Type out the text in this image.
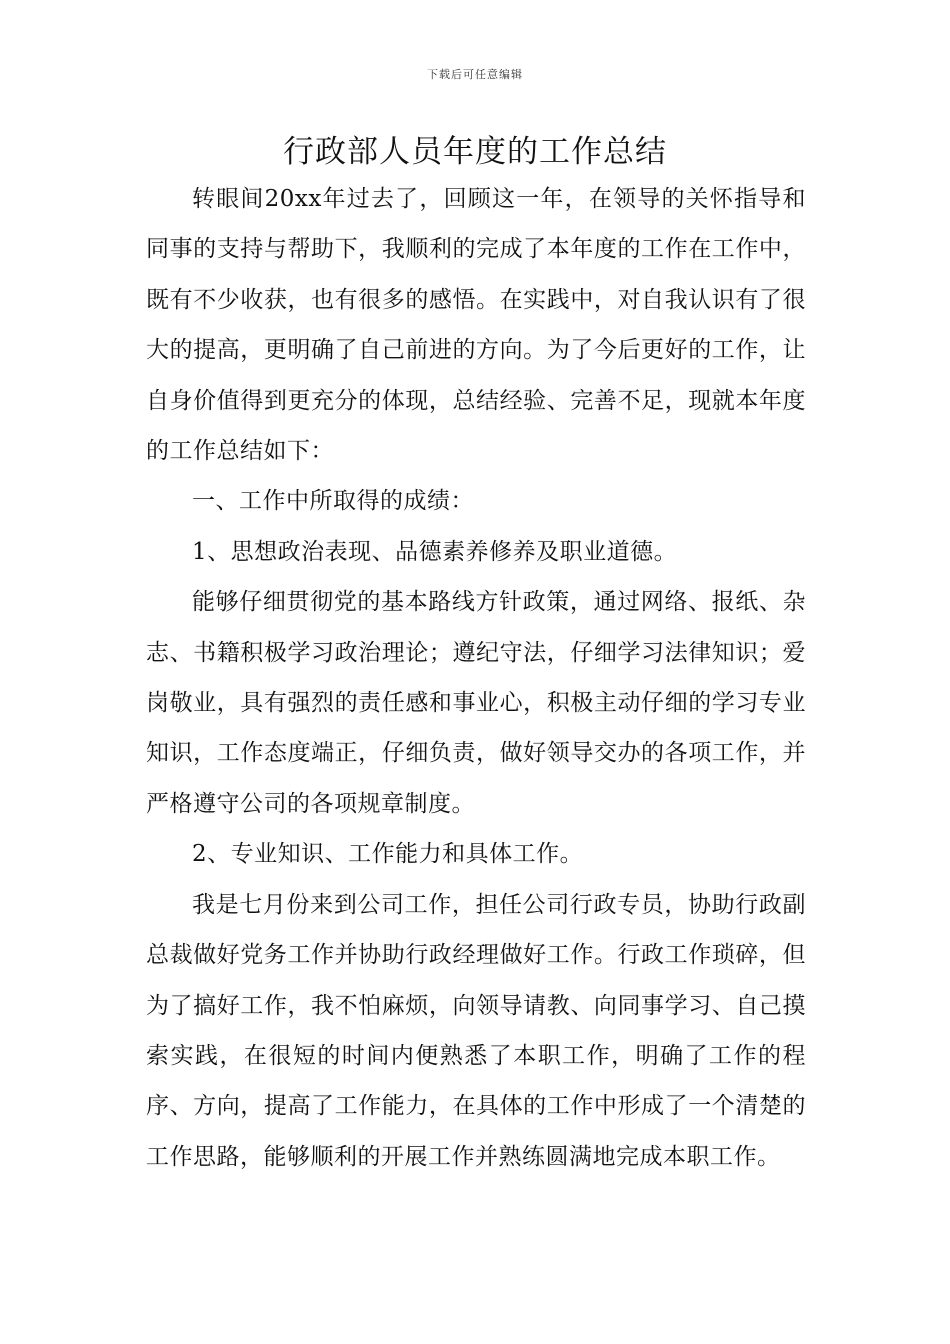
下载后可任意编辑
行政部人员年度的工作总结

转眼间20xx年过去了，回顾这一年，在领导的关怀指导和同事的支持与帮助下，我顺利的完成了本年度的工作在工作中，既有不少收获，也有很多的感悟。在实践中，对自我认识有了很大的提高，更明确了自己前进的方向。为了今后更好的工作，让自身价值得到更充分的体现，总结经验、完善不足，现就本年度的工作总结如下：

一、工作中所取得的成绩：

1、思想政治表现、品德素养修养及职业道德。

能够仔细贯彻党的基本路线方针政策，通过网络、报纸、杂志、书籍积极学习政治理论；遵纪守法，仔细学习法律知识；爱岗敬业，具有强烈的责任感和事业心，积极主动仔细的学习专业知识，工作态度端正，仔细负责，做好领导交办的各项工作，并严格遵守公司的各项规章制度。

2、专业知识、工作能力和具体工作。

我是七月份来到公司工作，担任公司行政专员，协助行政副总裁做好党务工作并协助行政经理做好工作。行政工作琐碎，但为了搞好工作，我不怕麻烦，向领导请教、向同事学习、自己摸索实践，在很短的时间内便熟悉了本职工作，明确了工作的程序、方向，提高了工作能力，在具体的工作中形成了一个清楚的工作思路，能够顺利的开展工作并熟练圆满地完成本职工作。
